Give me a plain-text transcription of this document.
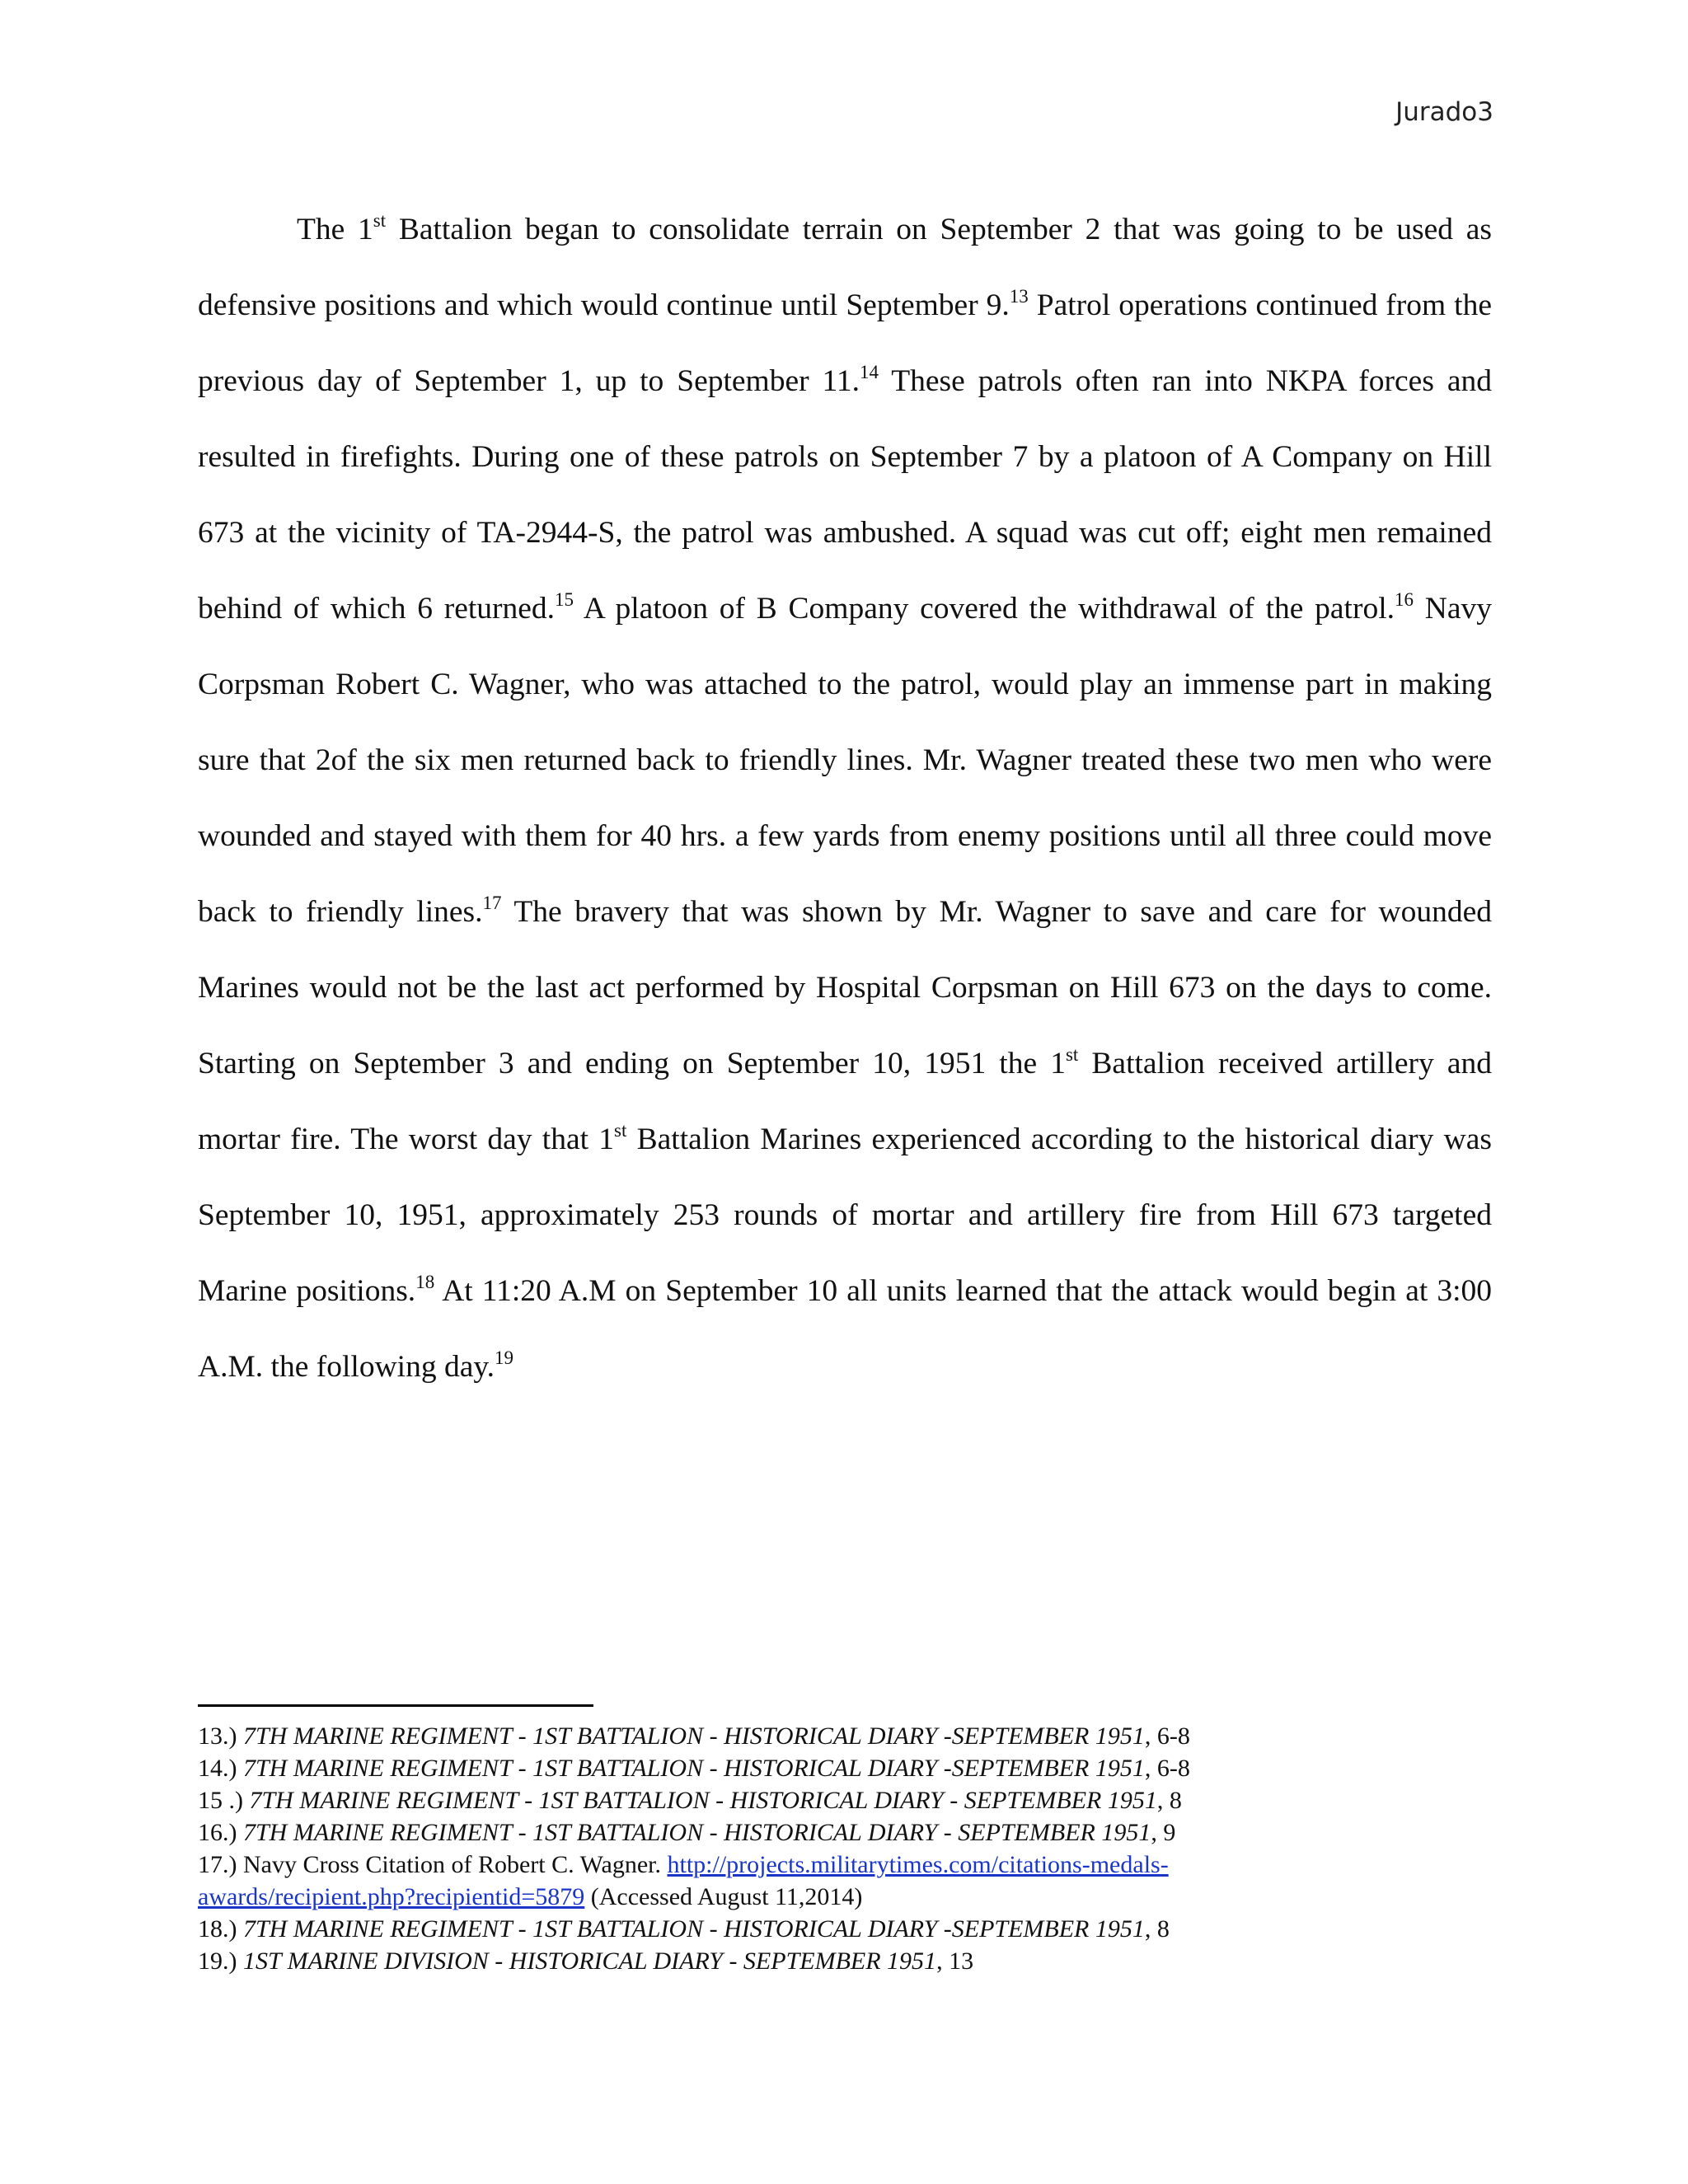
Jurado3

The 1st Battalion began to consolidate terrain on September 2 that was going to be used as defensive positions and which would continue until September 9.13 Patrol operations continued from the previous day of September 1, up to September 11.14 These patrols often ran into NKPA forces and resulted in firefights. During one of these patrols on September 7 by a platoon of A Company on Hill 673 at the vicinity of TA-2944-S, the patrol was ambushed. A squad was cut off; eight men remained behind of which 6 returned.$^{15}$ A platoon of B Company covered the withdrawal of the patrol.$^{16}$ Navy Corpsman Robert C. Wagner, who was attached to the patrol, would play an immense part in making sure that 2of the six men returned back to friendly lines. Mr. Wagner treated these two men who were wounded and stayed with them for 40 hrs. a few yards from enemy positions until all three could move back to friendly lines.$^{17}$ The bravery that was shown by Mr. Wagner to save and care for wounded Marines would not be the last act performed by Hospital Corpsman on Hill 673 on the days to come. Starting on September 3 and ending on September 10, 1951 the 1st Battalion received artillery and mortar fire. The worst day that 1st Battalion Marines experienced according to the historical diary was September 10, 1951, approximately 253 rounds of mortar and artillery fire from Hill 673 targeted Marine positions.$^{18}$ At 11:20 A.M on September 10 all units learned that the attack would begin at 3:00 A.M. the following day.$^{19}$

13.) 7TH MARINE REGIMENT - 1ST BATTALION - HISTORICAL DIARY -SEPTEMBER 1951, 6-8

14.) 7TH MARINE REGIMENT - 1ST BATTALION - HISTORICAL DIARY -SEPTEMBER 1951, 6-8

15 .) 7TH MARINE REGIMENT - 1ST BATTALION - HISTORICAL DIARY - SEPTEMBER 1951, 8

16.) 7TH MARINE REGIMENT - 1ST BATTALION - HISTORICAL DIARY - SEPTEMBER 1951, 9

17.) Navy Cross Citation of Robert C. Wagner. http://projects.militarytimes.com/citations-medals-awards/recipient.php?recipientid=5879 (Accessed August 11,2014)

18.) 7TH MARINE REGIMENT - 1ST BATTALION - HISTORICAL DIARY -SEPTEMBER 1951, 8

19.) 1ST MARINE DIVISION - HISTORICAL DIARY - SEPTEMBER 1951, 13
